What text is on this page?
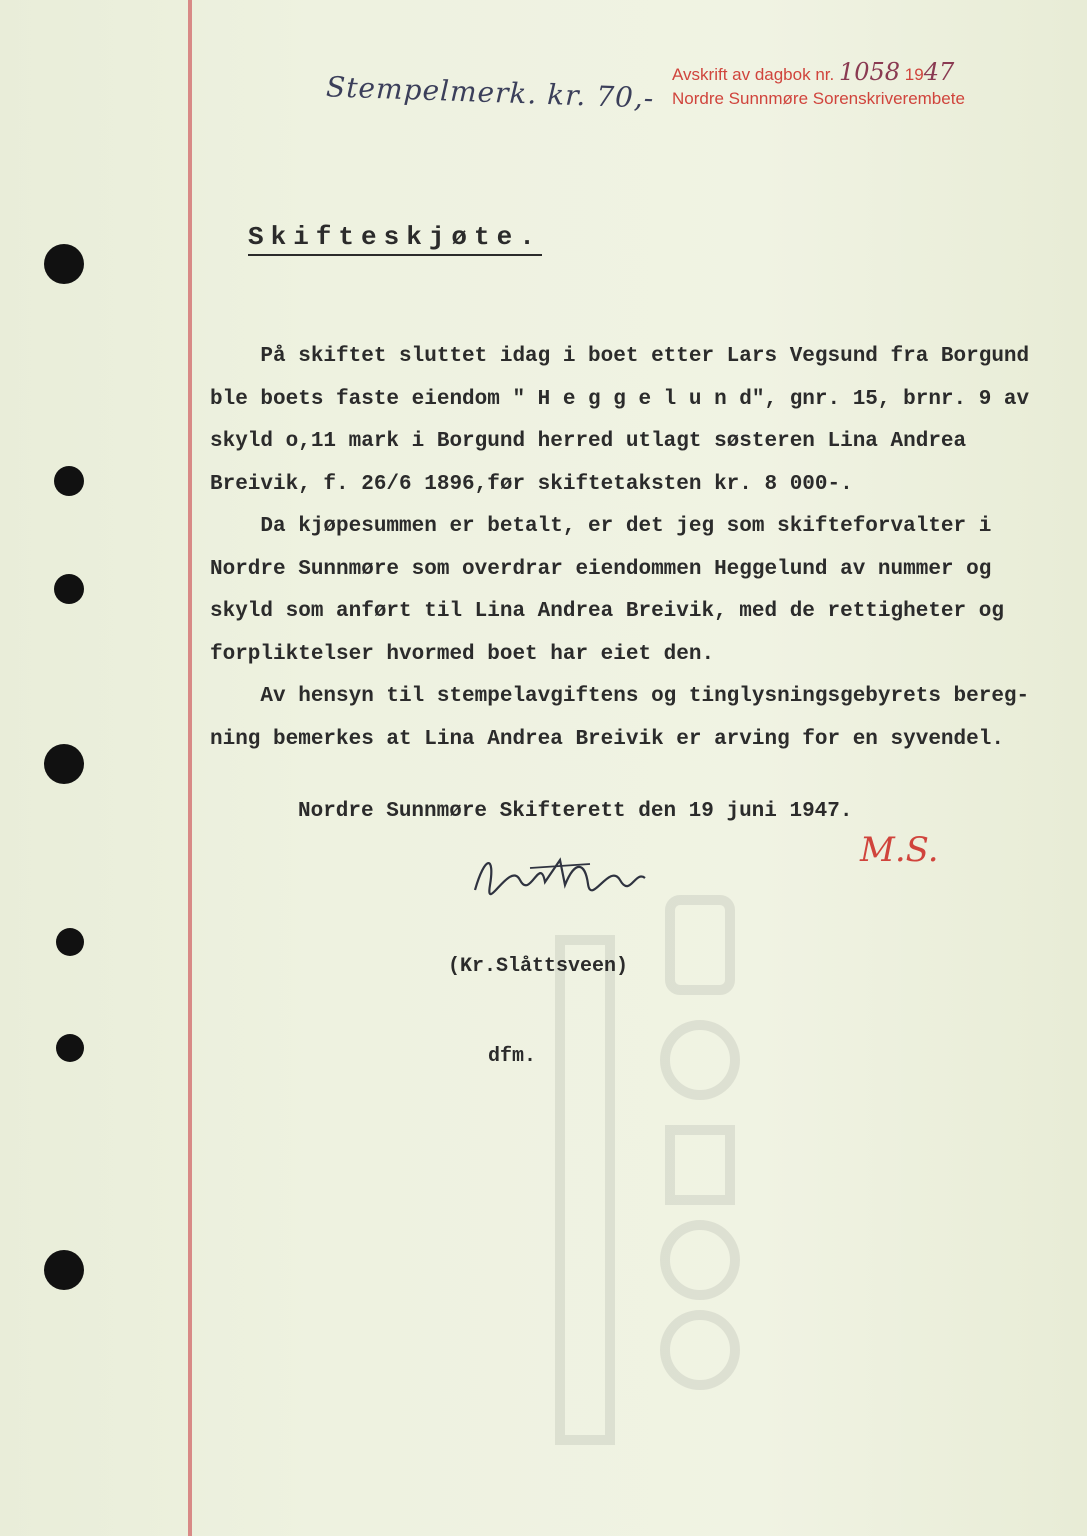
Stempelmerk. kr. 70,- Avskrift av dagbok nr. 1058 1947
Nordre Sunnmøre Sorenskriverembete
Skifteskjøte.

På skiftet sluttet idag i boet etter Lars Vegsund fra Borgund

ble boets faste eiendom " H e g g e l u n d", gnr. 15, brnr. 9 av

skyld o,11 mark i Borgund herred utlagt søsteren Lina Andrea

Breivik, f. 26/6 1896,før skiftetaksten kr. 8 000-.

Da kjøpesummen er betalt, er det jeg som skifteforvalter i

Nordre Sunnmøre som overdrar eiendommen Heggelund av nummer og

skyld som anført til Lina Andrea Breivik, med de rettigheter og

forpliktelser hvormed boet har eiet den.

Av hensyn til stempelavgiftens og tinglysningsgebyrets bereg-

ning bemerkes at Lina Andrea Breivik er arving for en syvendel.

Nordre Sunnmøre Skifterett den 19 juni 1947.
M.S.

(Kr.Slåttsveen)

dfm.
